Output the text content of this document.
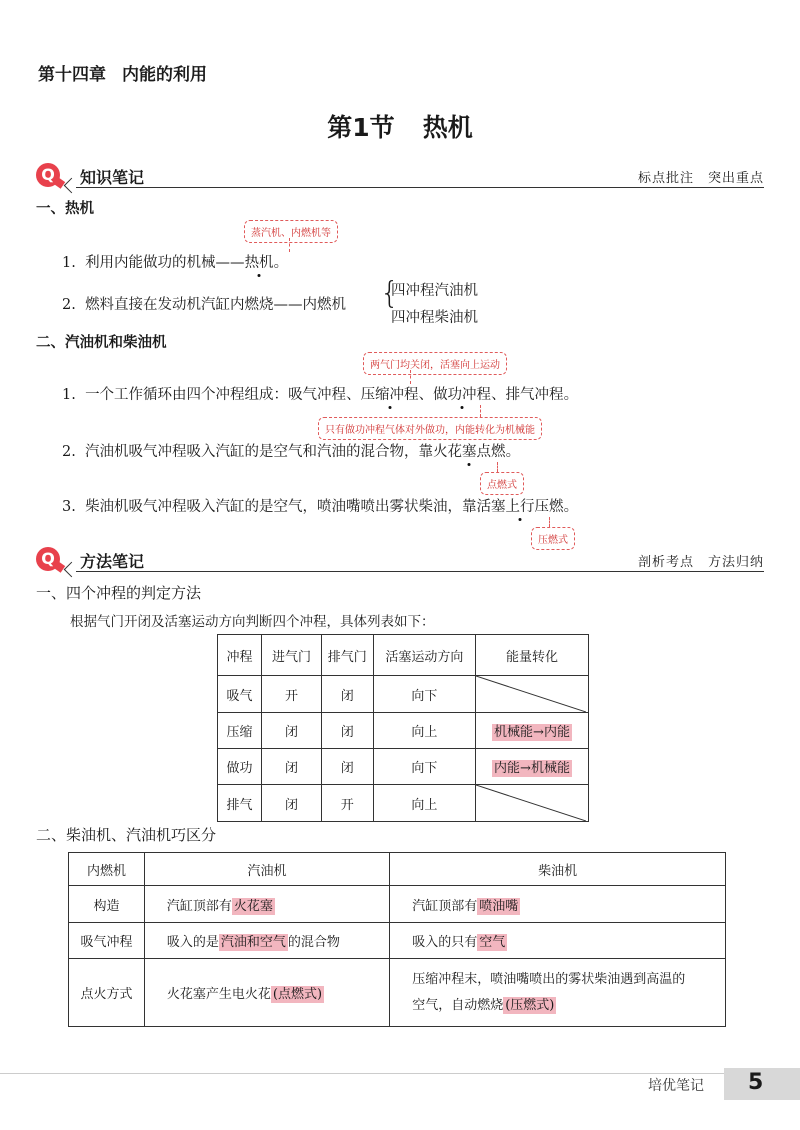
第十四章 内能的利用
第1节 热机
Q	知识笔记	标点批注　突出重点
一、热机
蒸汽机、内燃机等
1. 利用内能做功的机械——热机。
2. 燃料直接在发动机汽缸内燃烧——内燃机 {
四冲程汽油机
四冲程柴油机
二、汽油机和柴油机
两气门均关闭，活塞向上运动
1. 一个工作循环由四个冲程组成：吸气冲程、压缩冲程、做功冲程、排气冲程。
只有做功冲程气体对外做功，内能转化为机械能
2. 汽油机吸气冲程吸入汽缸的是空气和汽油的混合物，靠火花塞点燃。
点燃式
3. 柴油机吸气冲程吸入汽缸的是空气，喷油嘴喷出雾状柴油，靠活塞上行压燃。
压燃式
Q	方法笔记	剖析考点　方法归纳
一、四个冲程的判定方法
根据气门开闭及活塞运动方向判断四个冲程，具体列表如下：
冲程	进气门	排气门	活塞运动方向	能量转化
吸气	开	闭	向下	

压缩	闭	闭	向上	机械能→内能
做功	闭	闭	向下	内能→机械能
排气	闭	开	向上	
二、柴油机、汽油机巧区分
内燃机	汽油机	柴油机
构造	汽缸顶部有 火花塞	汽缸顶部有 喷油嘴
吸气冲程	吸入的是 汽油和空气 的混合物	吸入的只有 空气
点火方式	火花塞产生电火花 (点燃式)	压缩冲程末，喷油嘴喷出的雾状柴油遇到高温的
空气，自动燃烧 (压燃式)
培优笔记 5
